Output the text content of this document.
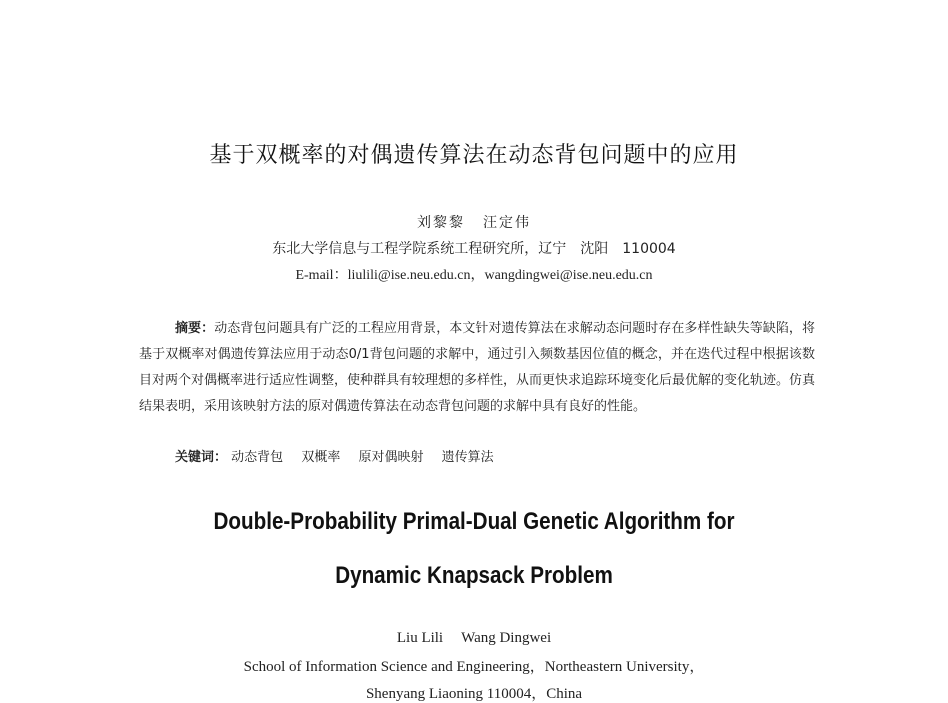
基于双概率的对偶遗传算法在动态背包问题中的应用
刘黎黎 汪定伟
东北大学信息与工程学院系统工程研究所，辽宁　沈阳　110004
E-mail：liulili@ise.neu.edu.cn，wangdingwei@ise.neu.edu.cn
摘要：动态背包问题具有广泛的工程应用背景，本文针对遗传算法在求解动态问题时存在多样性缺失等缺陷，将基于双概率对偶遗传算法应用于动态0/1背包问题的求解中，通过引入频数基因位值的概念，并在迭代过程中根据该数目对两个对偶概率进行适应性调整，使种群具有较理想的多样性，从而更快求追踪环境变化后最优解的变化轨迹。仿真结果表明，采用该映射方法的原对偶遗传算法在动态背包问题的求解中具有良好的性能。
关键词： 动态背包 双概率 原对偶映射 遗传算法
Double-Probability Primal-Dual Genetic Algorithm for
Dynamic Knapsack Problem
Liu Lili Wang Dingwei
School of Information Science and Engineering，Northeastern University，
Shenyang Liaoning 110004，China
